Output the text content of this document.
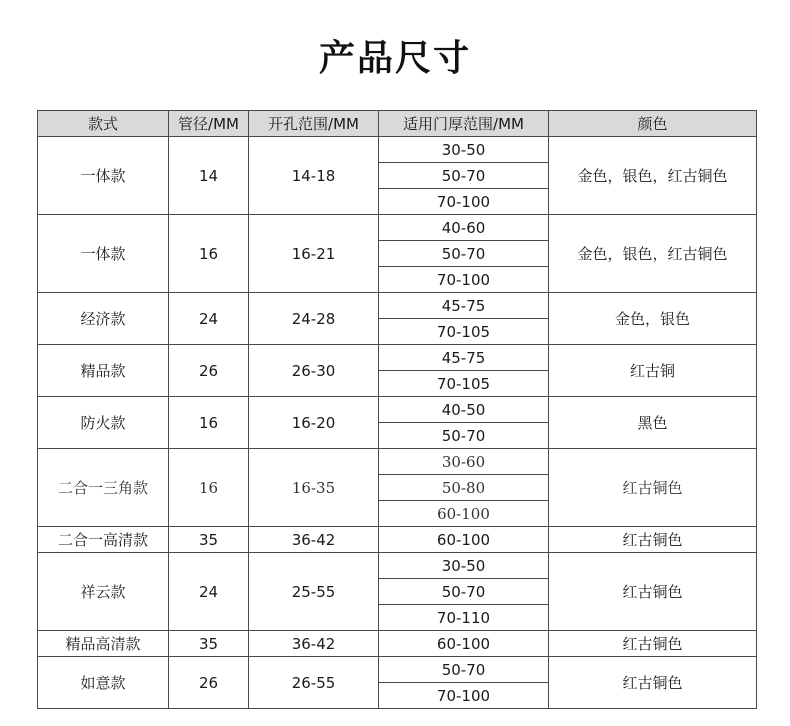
产品尺寸
款式	管径/MM	开孔范围/MM	适用门厚范围/MM	颜色
一体款	14	14-18	30-50	金色，银色，红古铜色
			50-70	
			70-100	
一体款	16	16-21	40-60	金色，银色，红古铜色
			50-70	
			70-100	
经济款	24	24-28	45-75	金色，银色
			70-105	
精品款	26	26-30	45-75	红古铜
			70-105	
防火款	16	16-20	40-50	黑色
			50-70	
二合一三角款	16	16-35	30-60	红古铜色
			50-80	
			60-100	
二合一高清款	35	36-42	60-100	红古铜色
祥云款	24	25-55	30-50	红古铜色
			50-70	
			70-110	
精品高清款	35	36-42	60-100	红古铜色
如意款	26	26-55	50-70	红古铜色
			70-100	
